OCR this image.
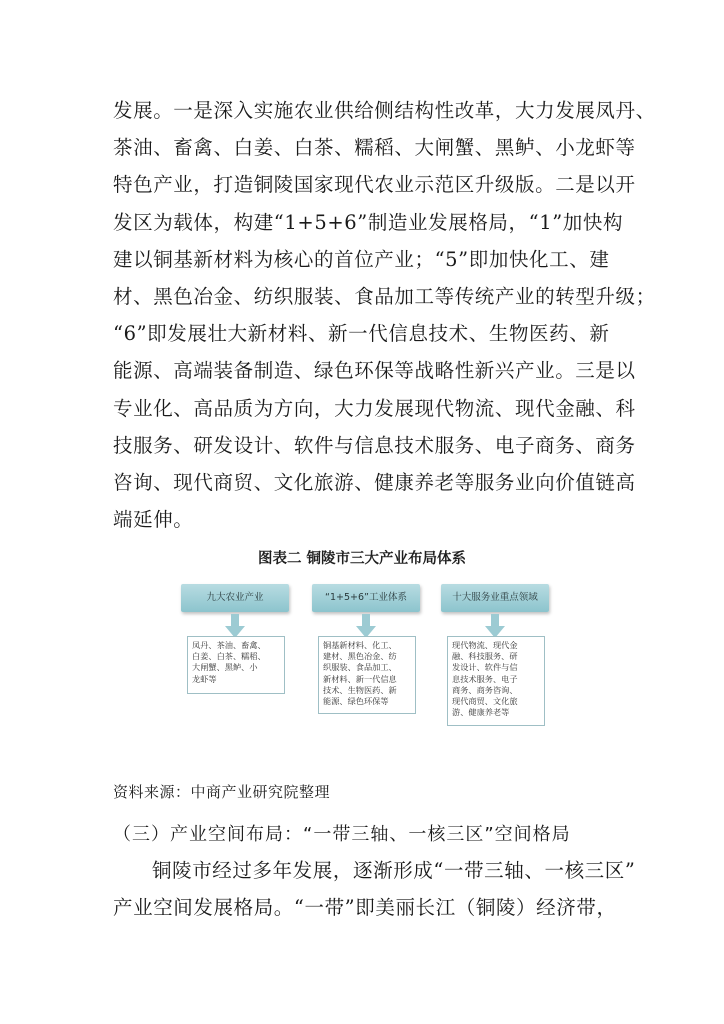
发展。一是深入实施农业供给侧结构性改革，大力发展凤丹、
茶油、畜禽、白姜、白茶、糯稻、大闸蟹、黑鲈、小龙虾等
特色产业，打造铜陵国家现代农业示范区升级版。二是以开
发区为载体，构建“1+5+6”制造业发展格局，“1”加快构
建以铜基新材料为核心的首位产业；“5”即加快化工、建
材、黑色冶金、纺织服装、食品加工等传统产业的转型升级；
“6”即发展壮大新材料、新一代信息技术、生物医药、新
能源、高端装备制造、绿色环保等战略性新兴产业。三是以
专业化、高品质为方向，大力发展现代物流、现代金融、科
技服务、研发设计、软件与信息技术服务、电子商务、商务
咨询、现代商贸、文化旅游、健康养老等服务业向价值链高
端延伸。
图表二 铜陵市三大产业布局体系
九大农业产业
凤丹、茶油、畜禽、
白姜、白茶、糯稻、
大闸蟹、黑鲈、小
龙虾等
“1+5+6”工业体系
铜基新材料、化工、
建材、黑色冶金、纺
织服装、食品加工、
新材料、新一代信息
技术、生物医药、新
能源、绿色环保等
十大服务业重点领域
现代物流、现代金
融、科技服务、研
发设计、软件与信
息技术服务、电子
商务、商务咨询、
现代商贸、文化旅
游、健康养老等
资料来源：中商产业研究院整理
（三）产业空间布局：“一带三轴、一核三区”空间格局
铜陵市经过多年发展，逐渐形成“一带三轴、一核三区”
产业空间发展格局。“一带”即美丽长江（铜陵）经济带，
